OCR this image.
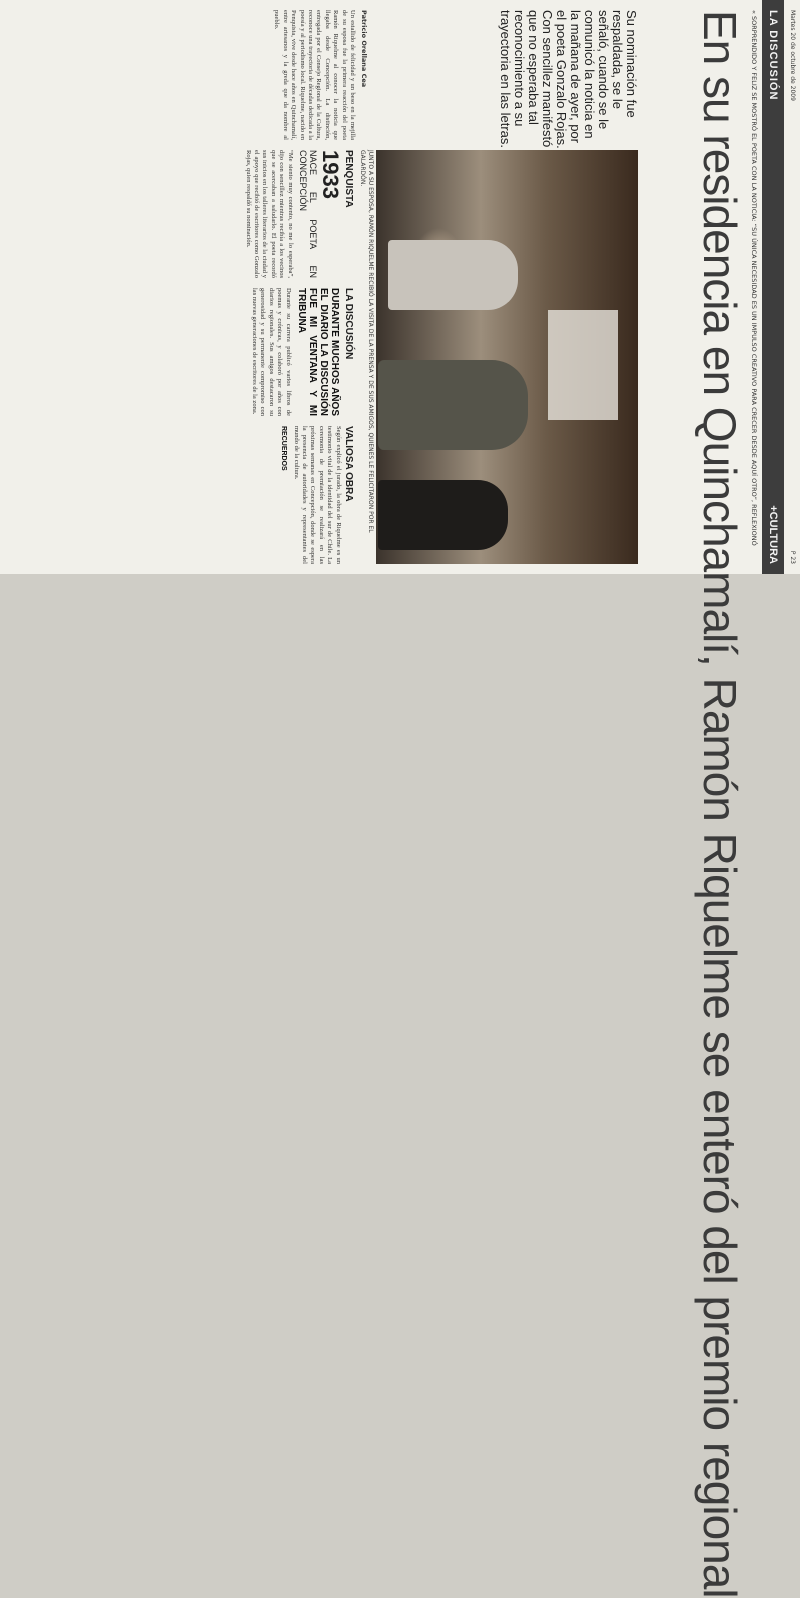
Martes 20 de octubre de 2009
P 23
LA DISCUSIÓN
+CULTURA
« SORPRENDIDO Y FELIZ SE MOSTRÓ EL POETA CON LA NOTICIA: “SU ÚNICA NECESIDAD ES UN IMPULSO CREATIVO PARA CRECER DESDE AQUÍ OTRO”, REFLEXIONÓ
En su residencia en Quinchamalí, Ramón Riquelme se enteró del premio regional
Su nominación fue respaldada, se le señaló, cuando se le comunicó la noticia en la mañana de ayer, por el poeta Gonzalo Rojas. Con sencillez manifestó que no esperaba tal reconocimiento a su trayectoria en las letras.
JUNTO A SU ESPOSA, RAMÓN RIQUELME RECIBIÓ LA VISITA DE LA PRENSA Y DE SUS AMIGOS, QUIENES LE FELICITARON POR EL GALARDÓN.
Patricio Orellana Cea

Un estallido de felicidad y un beso en la mejilla de su esposa fue la primera reacción del poeta Ramón Riquelme al conocer la noticia que llegaba desde Concepción. La distinción, entregada por el Consejo Regional de la Cultura, reconoce una trayectoria de décadas dedicada a la poesía y al periodismo local. Riquelme, nacido en Penquista, vive desde hace años en Quinchamalí, entre artesanos y la greda que da nombre al pueblo.

PENQUISTA
1933
NACE EL POETA EN CONCEPCIÓN

“Me siento muy contento, no me lo esperaba”, dijo con sencillez mientras recibía a los vecinos que se acercaban a saludarlo. El poeta recordó sus inicios en los talleres literarios de la ciudad y el apoyo que recibió de escritores como Gonzalo Rojas, quien respaldó su nominación.

LA DISCUSIÓN
DURANTE MUCHOS AÑOS EL DIARIO LA DISCUSIÓN FUE MI VENTANA Y MI TRIBUNA

Durante su carrera publicó varios libros de poemas y crónicas, y colaboró por años con diarios regionales. Sus amigos destacaron su generosidad y su permanente compromiso con las nuevas generaciones de escritores de la zona.

VALIOSA OBRA

Según explicó el jurado, la obra de Riquelme es un testimonio vital de la identidad del sur de Chile. La ceremonia de premiación se realizará en las próximas semanas en Concepción, donde se espera la presencia de autoridades y representantes del mundo de la cultura.

RECUERDOS
